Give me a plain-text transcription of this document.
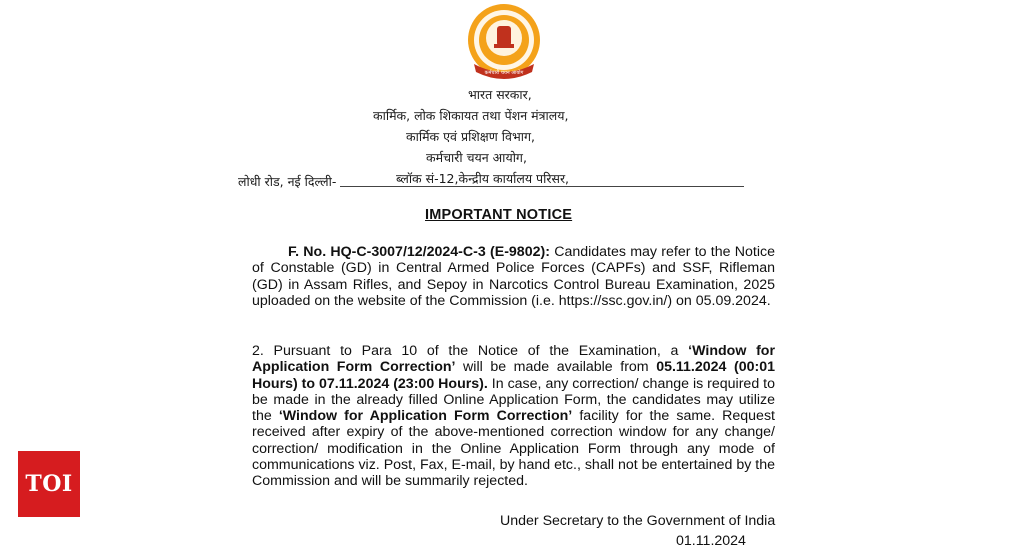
कर्मचारी चयन आयोग
भारत सरकार,
कार्मिक, लोक शिकायत तथा पेंशन मंत्रालय,
कार्मिक एवं प्रशिक्षण विभाग,
कर्मचारी चयन आयोग,
लोधी रोड, नई दिल्ली-	ब्लॉक सं-12,केन्द्रीय कार्यालय परिसर,
IMPORTANT NOTICE
F. No. HQ-C-3007/12/2024-C-3 (E-9802): Candidates may refer to the Notice of Constable (GD) in Central Armed Police Forces (CAPFs) and SSF, Rifleman (GD) in Assam Rifles, and Sepoy in Narcotics Control Bureau Examination, 2025 uploaded on the website of the Commission (i.e. https://ssc.gov.in/) on 05.09.2024.
2. Pursuant to Para 10 of the Notice of the Examination, a ‘Window for Application Form Correction’ will be made available from 05.11.2024 (00:01 Hours) to 07.11.2024 (23:00 Hours). In case, any correction/ change is required to be made in the already filled Online Application Form, the candidates may utilize the ‘Window for Application Form Correction’ facility for the same. Request received after expiry of the above-mentioned correction window for any change/ correction/ modification in the Online Application Form through any mode of communications viz. Post, Fax, E-mail, by hand etc., shall not be entertained by the Commission and will be summarily rejected.
Under Secretary to the Government of India
01.11.2024
TOI
